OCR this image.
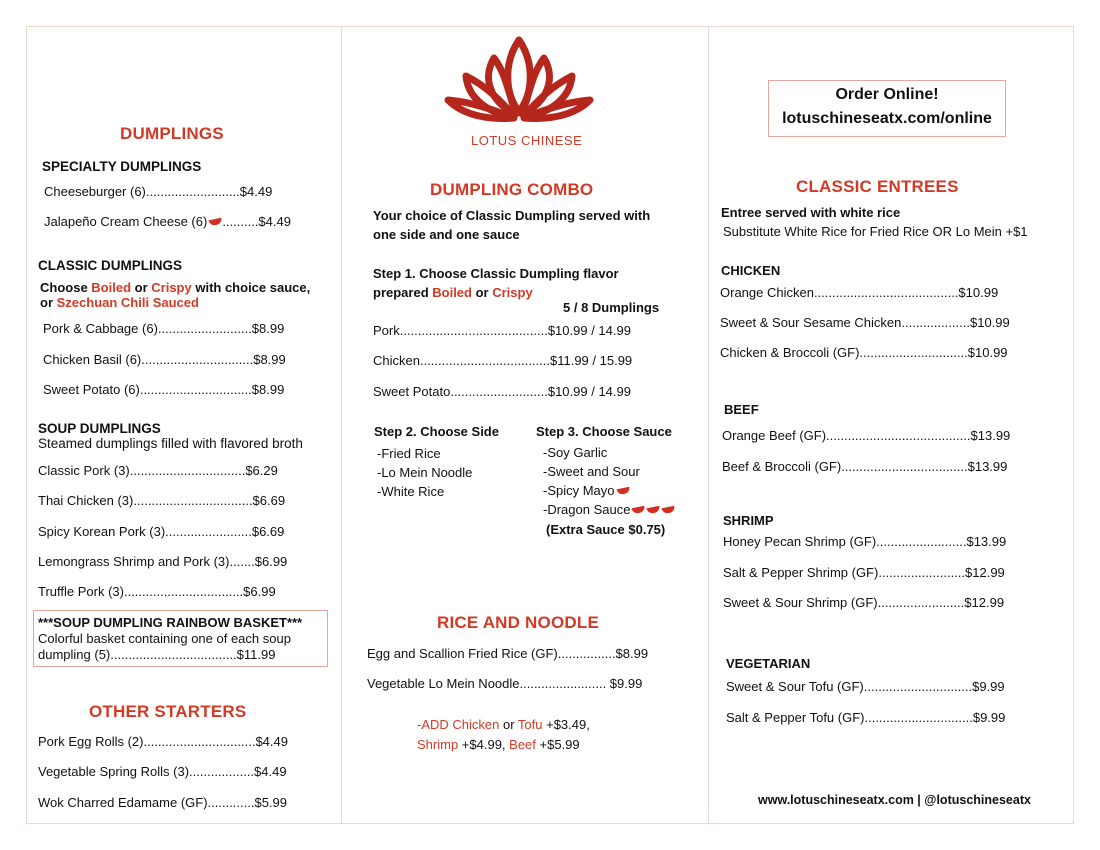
DUMPLINGS
SPECIALTY DUMPLINGS
Cheeseburger (6)..........................$4.49
Jalapeño Cream Cheese (6) ..........$4.49
CLASSIC DUMPLINGS
Choose Boiled or Crispy with choice sauce,
or Szechuan Chili Sauced
Pork & Cabbage (6)..........................$8.99
Chicken Basil (6)...............................$8.99
Sweet Potato (6)...............................$8.99
SOUP DUMPLINGS
Steamed dumplings filled with flavored broth
Classic Pork (3)................................$6.29
Thai Chicken (3).................................$6.69
Spicy Korean Pork (3)........................$6.69
Lemongrass Shrimp and Pork (3).......$6.99
Truffle Pork (3).................................$6.99
***SOUP DUMPLING RAINBOW BASKET***
Colorful basket containing one of each soup
dumpling (5)...................................$11.99
OTHER STARTERS
Pork Egg Rolls (2)...............................$4.49
Vegetable Spring Rolls (3)..................$4.49
Wok Charred Edamame (GF).............$5.99
LOTUS CHINESE
DUMPLING COMBO
Your choice of Classic Dumpling served with
one side and one sauce
Step 1. Choose Classic Dumpling flavor
prepared Boiled or Crispy
5 / 8 Dumplings
Pork.........................................$10.99 / 14.99
Chicken....................................$11.99 / 15.99
Sweet Potato...........................$10.99 / 14.99
Step 2. Choose Side
-Fried Rice
-Lo Mein Noodle
-White Rice
Step 3. Choose Sauce
-Soy Garlic
-Sweet and Sour
-Spicy Mayo
-Dragon Sauce
(Extra Sauce $0.75)
RICE AND NOODLE
Egg and Scallion Fried Rice (GF)................$8.99
Vegetable Lo Mein Noodle........................ $9.99
-ADD Chicken or Tofu +$3.49,
Shrimp +$4.99, Beef +$5.99
Order Online!
lotuschineseatx.com/online
CLASSIC ENTREES
Entree served with white rice
Substitute White Rice for Fried Rice OR Lo Mein +$1
CHICKEN
Orange Chicken........................................$10.99
Sweet & Sour Sesame Chicken...................$10.99
Chicken & Broccoli (GF)..............................$10.99
BEEF
Orange Beef (GF)........................................$13.99
Beef & Broccoli (GF)...................................$13.99
SHRIMP
Honey Pecan Shrimp (GF).........................$13.99
Salt & Pepper Shrimp (GF)........................$12.99
Sweet & Sour Shrimp (GF)........................$12.99
VEGETARIAN
Sweet & Sour Tofu (GF)..............................$9.99
Salt & Pepper Tofu (GF)..............................$9.99
www.lotuschineseatx.com | @lotuschineseatx
